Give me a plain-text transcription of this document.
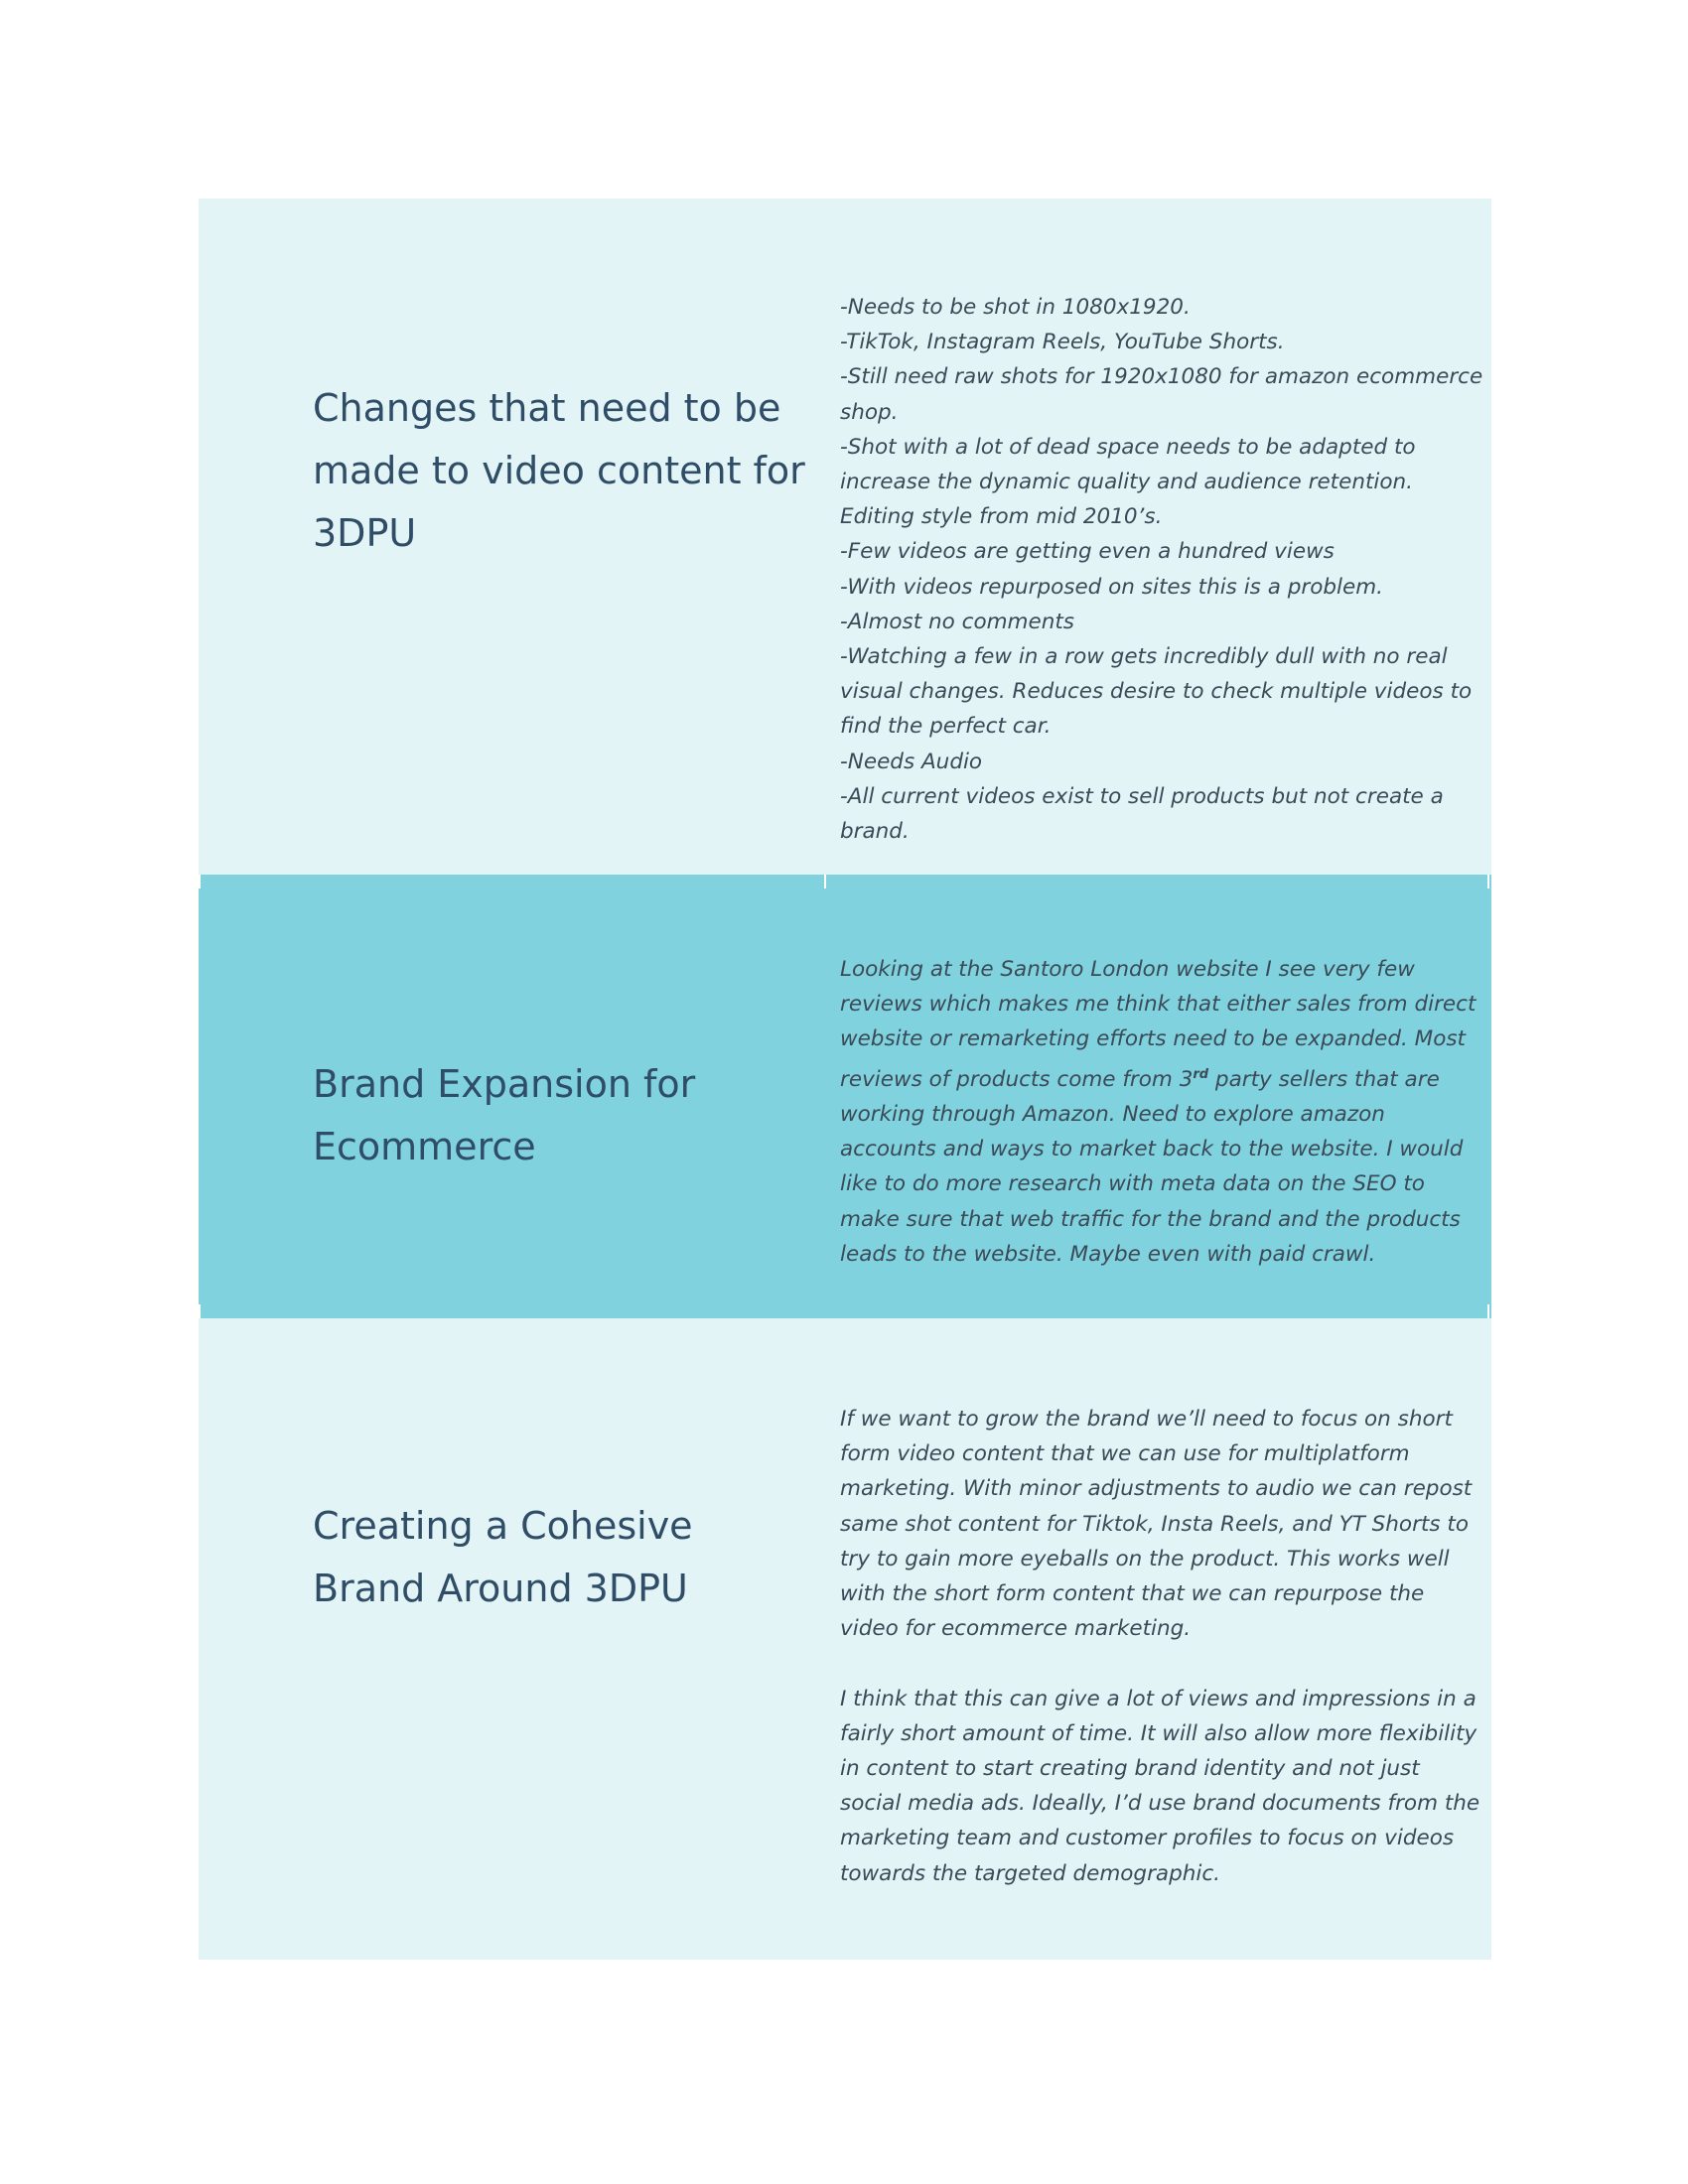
Changes that need to be made to video content for 3DPU

-Needs to be shot in 1080x1920.

-TikTok, Instagram Reels, YouTube Shorts.

-Still need raw shots for 1920x1080 for amazon ecommerce shop.

-Shot with a lot of dead space needs to be adapted to increase the dynamic quality and audience retention. Editing style from mid 2010’s.

-Few videos are getting even a hundred views

-With videos repurposed on sites this is a problem.

-Almost no comments

-Watching a few in a row gets incredibly dull with no real visual changes. Reduces desire to check multiple videos to find the perfect car.

-Needs Audio

-All current videos exist to sell products but not create a brand.

Brand Expansion for Ecommerce

Looking at the Santoro London website I see very few reviews which makes me think that either sales from direct website or remarketing efforts need to be expanded. Most reviews of products come from 3rd party sellers that are working through Amazon. Need to explore amazon accounts and ways to market back to the website. I would like to do more research with meta data on the SEO to make sure that web traffic for the brand and the products leads to the website. Maybe even with paid crawl.

Creating a Cohesive Brand Around 3DPU

If we want to grow the brand we’ll need to focus on short form video content that we can use for multiplatform marketing. With minor adjustments to audio we can repost same shot content for Tiktok, Insta Reels, and YT Shorts to try to gain more eyeballs on the product. This works well with the short form content that we can repurpose the video for ecommerce marketing.

I think that this can give a lot of views and impressions in a fairly short amount of time. It will also allow more flexibility in content to start creating brand identity and not just social media ads. Ideally, I’d use brand documents from the marketing team and customer profiles to focus on videos towards the targeted demographic.
